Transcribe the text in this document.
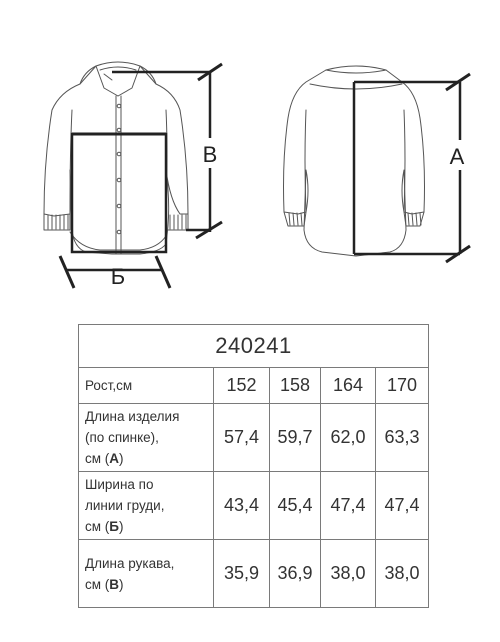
Б
В	А
240241				
Рост,см	152	158	164	170
Длина изделия
(по спинке),
см (А)	57,4	59,7	62,0	63,3
Ширина по
линии груди,
см (Б)	43,4	45,4	47,4	47,4
Длина рукава,
см (В)	35,9	36,9	38,0	38,0
